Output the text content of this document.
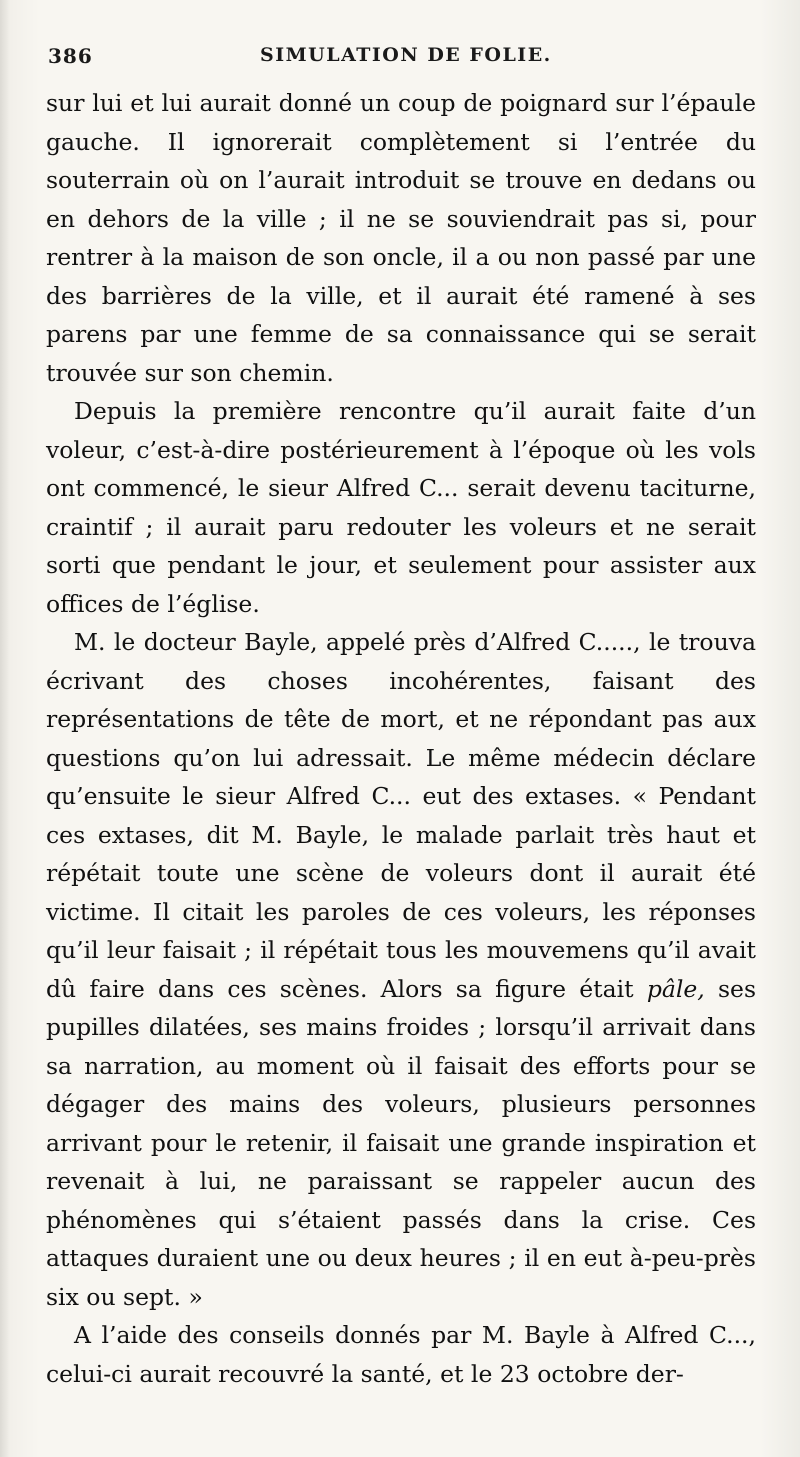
386	SIMULATION DE FOLIE.

sur lui et lui aurait donné un coup de poignard sur l’épaule gauche. Il ignorerait complètement si l’entrée du souterrain où on l’aurait introduit se trouve en dedans ou en dehors de la ville ; il ne se souviendrait pas si, pour rentrer à la maison de son oncle, il a ou non passé par une des barrières de la ville, et il aurait été ramené à ses parens par une femme de sa connaissance qui se serait trouvée sur son chemin.

Depuis la première rencontre qu’il aurait faite d’un voleur, c’est-à-dire postérieurement à l’époque où les vols ont commencé, le sieur Alfred C... serait devenu taciturne, craintif ; il aurait paru redouter les voleurs et ne serait sorti que pendant le jour, et seulement pour assister aux offices de l’église.

M. le docteur Bayle, appelé près d’Alfred C....., le trouva écrivant des choses incohérentes, faisant des représentations de tête de mort, et ne répondant pas aux questions qu’on lui adressait. Le même médecin déclare qu’ensuite le sieur Alfred C... eut des extases. « Pendant ces extases, dit M. Bayle, le malade parlait très haut et répétait toute une scène de voleurs dont il aurait été victime. Il citait les paroles de ces voleurs, les réponses qu’il leur faisait ; il répétait tous les mouvemens qu’il avait dû faire dans ces scènes. Alors sa figure était pâle, ses pupilles dilatées, ses mains froides ; lorsqu’il arrivait dans sa narration, au moment où il faisait des efforts pour se dégager des mains des voleurs, plusieurs personnes arrivant pour le retenir, il faisait une grande inspiration et revenait à lui, ne paraissant se rappeler aucun des phénomènes qui s’étaient passés dans la crise. Ces attaques duraient une ou deux heures ; il en eut à-peu-près six ou sept. »

A l’aide des conseils donnés par M. Bayle à Alfred C..., celui-ci aurait recouvré la santé, et le 23 octobre der-
